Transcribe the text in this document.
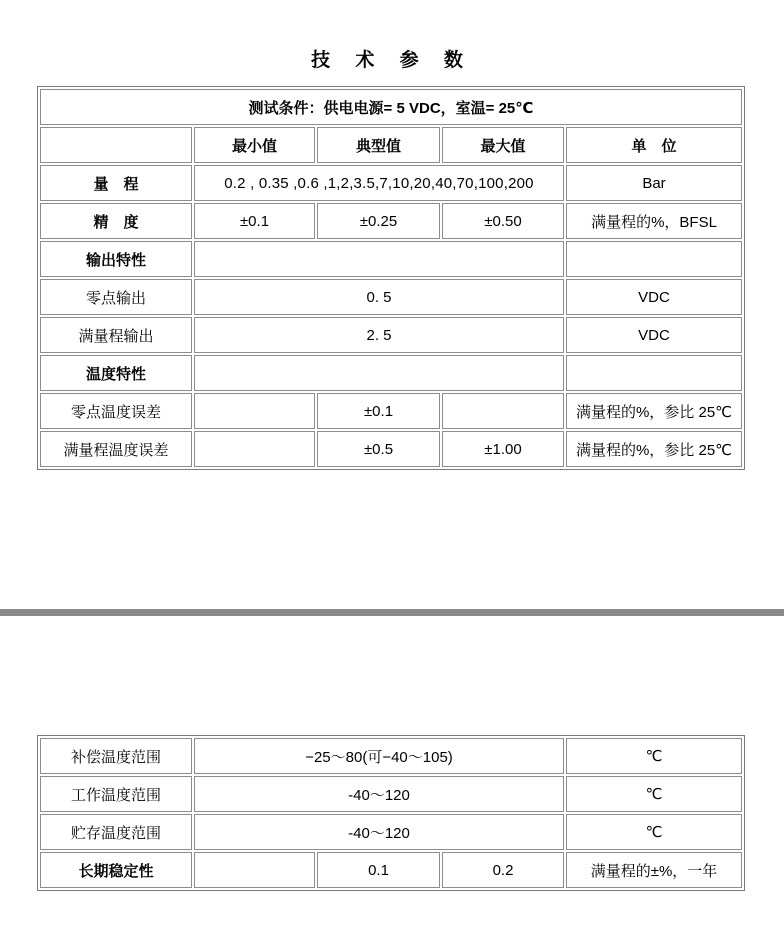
技 术 参 数
测试条件：供电电源= 5 VDC，室温= 25℃				
	最小值	典型值	最大值	单　位
量　程	0.2 , 0.35 ,0.6 ,1,2,3.5,7,10,20,40,70,100,200			Bar
精　度	±0.1	±0.25	±0.50	满量程的%，BFSL
输出特性				
零点输出	0. 5			VDC
满量程输出	2. 5			VDC
温度特性				
零点温度误差		±0.1		满量程的%，参比 25℃
满量程温度误差		±0.5	±1.00	满量程的%，参比 25℃
补偿温度范围	−25～80(可−40～105)			℃
工作温度范围	-40～120			℃
贮存温度范围	-40～120			℃
长期稳定性		0.1	0.2	满量程的±%，一年
